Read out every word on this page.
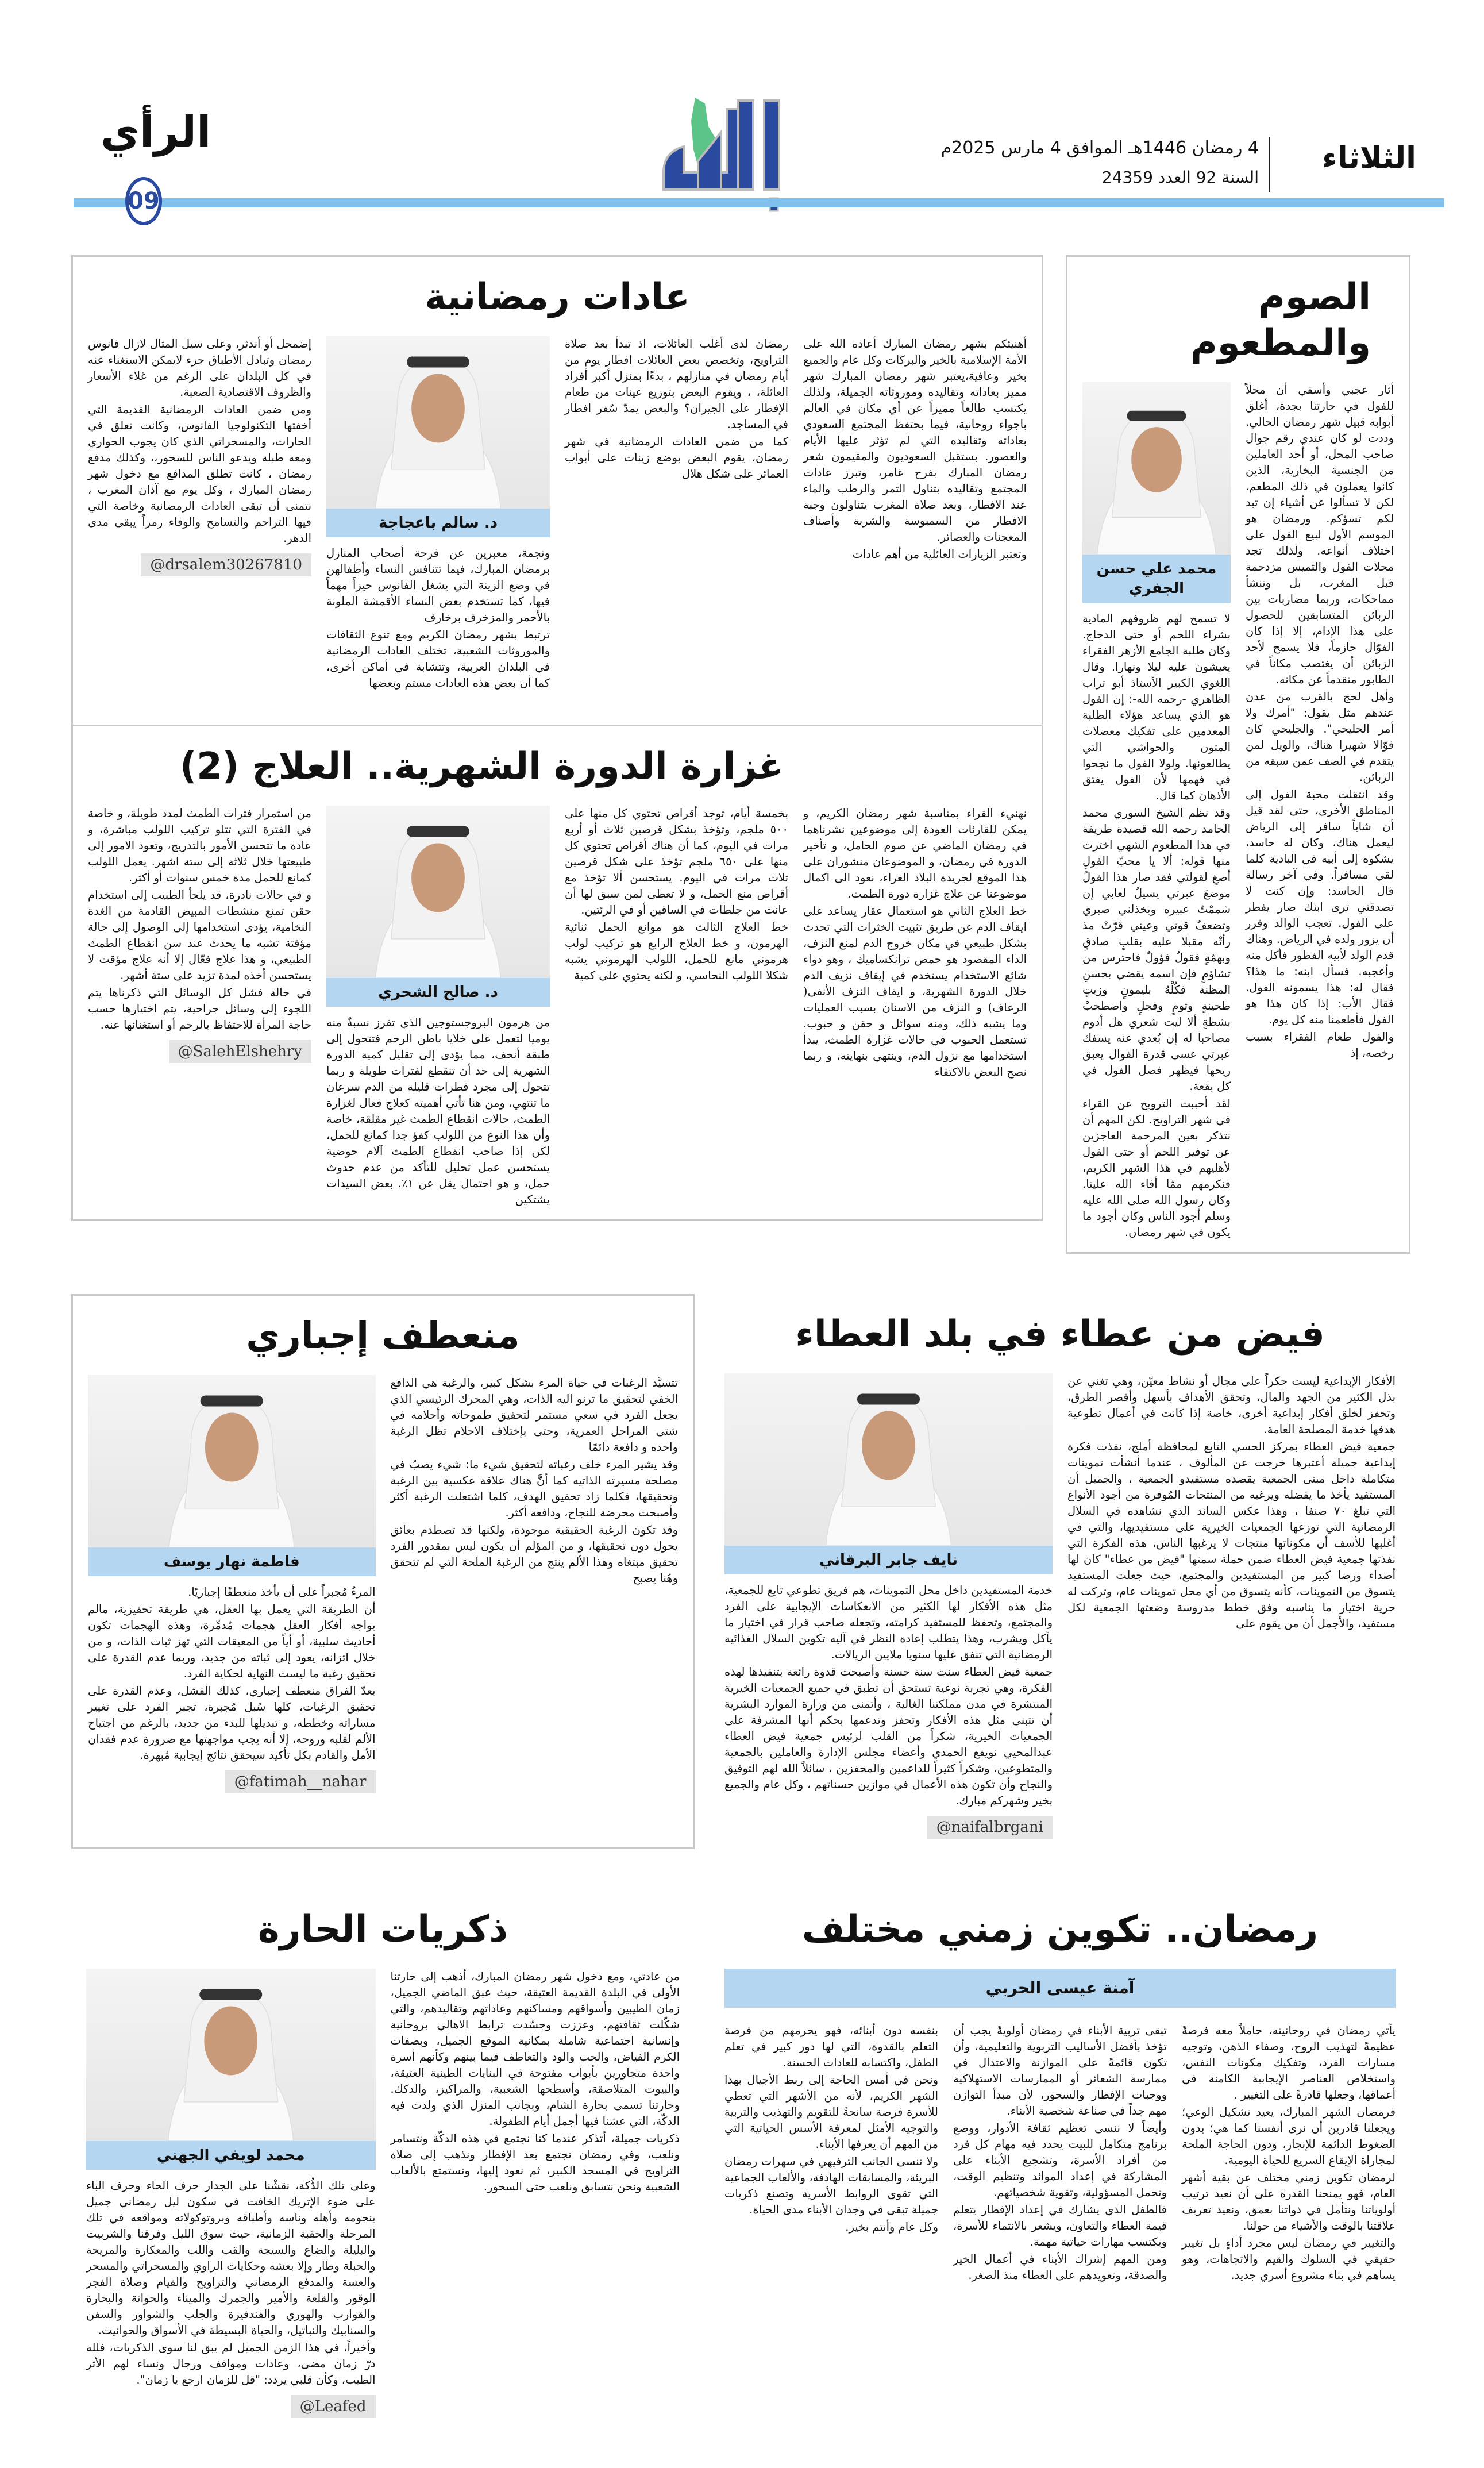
الثلاثاء
4 رمضان 1446هـ الموافق 4 مارس 2025م
السنة 92 العدد 24359
الرأي
09
عادات رمضانية

أهنيئكم بشهر رمضان المبارك أعاده الله على الأمة الإسلامية بالخير والبركات وكل عام والجميع بخير وعافية،يعتبر شهر رمضان المبارك شهر مميز بعاداته وتقاليده وموروثاته الجميلة، ولذلك يكتسب طالعاً مميزاً عن أي مكان في العالم باجواء روحانية، فيما بحتفظ المجتمع السعودي بعاداته وتقاليده التي لم تؤثر عليها الأيام والعصور. بستقبل السعوديون والمقيمون شعر رمضان المبارك بفرح غامر، وتبرز عادات المجتمع وتقاليده بتناول التمر والرطب والماء عند الافطار، وبعد صلاة المغرب يتناولون وجبة الافطار من السمبوسة والشربة وأصناف المعجنات والعصائر.

وتعتبر الزيارات العائلية من أهم عادات

رمضان لدى أغلب العائلات، اذ تبدأ بعد صلاة التراويح، وتخصص بعض العائلات افطار يوم من أيام رمضان في منازلهم ، بدءًا بمنزل أكبر أفراد العائلة، ، ويقوم البعض بتوزيع عينات من طعام الإفطار على الجيران؟ والبعض يمدّ سُفر افطار في المساجد.

كما من ضمن العادات الرمضانية في شهر رمضان، يقوم البعض بوضع زينات على أبواب العمائر على شكل هلال

د. سالم باعجاجة

ونجمة، معبرين عن فرحة أصحاب المنازل برمضان المبارك، فيما تتنافس النساء وأطفالهن في وضع الزينة التي يشغل الفانوس حيزاً مهماً فيها، كما تستخدم بعض النساء الأقمشة الملونة بالأحمر والمزخرف برخارف

ترتبط بشهر رمضان الكريم ومع تنوع الثقافات والموروثات الشعبية، تختلف العادات الرمضانية في البلدان العربية، وتتشابة في أماكن أخرى، كما أن بعض هذه العادات مستم وبعضها

إضمحل أو أندثر، وعلى سيل المثال لازال فانوس رمضان وتبادل الأطباق جزء لايمكن الاستغناء عنه في كل البلدان على الرغم من غلاء الأسعار والظروف الاقتصادية الصعبة.

ومن ضمن العادات الرمضانية القديمة التي أخفتها التكنولوجيا الفانوس، وكانت تعلق في الحارات، والمسحراتي الذي كان يجوب الحواري ومعه طبلة ويدعو الناس للسحور،، وكذلك مدفع رمضان ، كانت تطلق المدافع مع دخول شهر رمضان المبارك ، وكل يوم مع آذان المغرب ، نتمنى أن تبقى العادات الرمضانية وخاصة التي فيها التراحم والتسامح والوفاء رمزاً يبقى مدى الدهر.

@drsalem30267810
غزارة الدورة الشهرية.. العلاج (2)

نهنيء القراء بمناسبة شهر رمضان الكريم، و يمكن للقارئات العودة إلى موضوعين نشرناهما في رمضان الماضي عن صوم الحامل، و تأخير الدورة في رمضان، و الموضوعان منشوران على هذا الموقع لجريدة البلاد الغراء، نعود الى اكمال موضوعنا عن علاج غزارة دورة الطمث.

خط العلاج الثاني هو استعمال عقار يساعد على ايقاف الدم عن طريق تثبيت الخثرات التي تحدث بشكل طبيعي في مكان خروج الدم لمنع النزف، الداء المقصود هو حمض ترانكساميك ، وهو دواء شائع الاستخدام يستخدم في إيقاف نزيف الدم خلال الدورة الشهرية، و ايقاف النزف الأنفى( الرعاف) و النزف من الاسنان بسبب العمليات وما يشبه ذلك، ومنه سوائل و حقن و حبوب. تستعمل الحبوب في حالات غزارة الطمث، يبدأ استخدامها مع نزول الدم، وينتهي بنهايته، و ربما نصح البعض بالاكتفاء

بخمسة أيام، توجد أقراص تحتوي كل منها على ٥٠٠ ملجم، وتؤخذ بشكل قرصين ثلاث أو أربع مرات في اليوم، كما أن هناك أقراص تحتوي كل منها على ٦٥٠ ملجم تؤخذ على شكل قرصين ثلاث مرات في اليوم. يستحسن ألا تؤخذ مع أقراص منع الحمل، و لا تعطى لمن سبق لها أن عانت من جلطات في الساقين أو في الرئتين.

خط العلاج الثالث هو موانع الحمل ثنائية الهرمون، و خط العلاج الرابع هو تركيب لولب هرموني مانع للحمل، اللولب الهرموني يشبه شكلا اللولب النحاسي، و لكنه يحتوي على كمية

د. صالح الشحري

من هرمون البروجستوجين الذي تفرز نسبةٌ منه يوميا لتعمل على خلايا باطن الرحم فتتحول إلى طبقة أنحف، مما يؤدى إلى تقليل كمية الدورة الشهرية إلى حد أن تنقطع لفترات طويلة و ربما تتحول إلى مجرد قطرات قليلة من الدم سرعان ما تنتهي، ومن هنا تأتي أهميته كعلاج فعال لغزارة الطمث، حالات انقطاع الطمث غير مقلقة، خاصة وأن هذا النوع من اللولب كفؤ جدا كمانع للحمل، لكن إذا صاحب انقطاع الطمث آلام حوضية يستحسن عمل تحليل للتأكد من عدم حدوث حمل، و هو احتمال يقل عن ١٪. بعض السيدات يشتكين

من استمرار فترات الطمث لمدد طويلة، و خاصة في الفترة التي تتلو تركيب اللولب مباشرة، و عادة ما تتحسن الأمور بالتدريج، وتعود الامور إلى طبيعتها خلال ثلاثة إلى ستة اشهر. يعمل اللولب كمانع للحمل مدة خمس سنوات أو أكثر.

و في حالات نادرة، قد يلجأ الطبيب إلى استخدام حقن تمنع منشطات المبيض القادمة من الغدة النخامية، يؤدى استخدامها إلى الوصول إلى حالة مؤقتة تشبه ما يحدث عند سن انقطاع الطمث الطبيعي، و هذا علاج فعّال إلا أنه علاج مؤقت لا يستحسن أخذه لمدة تزيد على ستة أشهر.

في حالة فشل كل الوسائل التي ذكرناها يتم اللجوء إلى وسائل جراحية، يتم اختيارها حسب حاجة المرأة للاحتفاظ بالرحم أو استغنائها عنه.

@SalehElshehry
الصوم والمطعوم

أثار عجبي وأسفي أن محلاً للفول في حارتنا بجدة، أغلق أبوابه قبيل شهر رمضان الحالي. وددت لو كان عندي رقم جوال صاحب المحل، أو أحد العاملين من الجنسية البخارية، الذين كانوا يعملون في ذلك المطعم. لكن لا تسألوا عن أشياء إن تبد لكم تسؤكم. ورمضان هو الموسم الأول لبيع الفول على اختلاف أنواعه. ولذلك تجد محلات الفول والتميس مزدحمة قبل المغرب، بل وتنشأ مماحكات، وربما مضاربات بين الزبائن المتسابقين للحصول على هذا الإدام، إلا إذا كان الفوّال حازماً، فلا يسمح لأحد الزبائن أن يغتصب مكاناً في الطابور متقدماً عن مكانه.

وأهل لحج بالقرب من عدن عندهم مثل يقول: "أمرك ولا أمر الجليحي". والجليحي كان فوّالا شهيرا هناك، والويل لمن يتقدم في الصف عمن سبقه من الزبائن.

وقد انتقلت محبة الفول إلى المناطق الأخرى، حتى لقد قيل أن شاباً سافر إلى الرياض ليعمل هناك، وكان له حاسد، يشكوه إلى أبيه في البادية كلما لقي مسافراً. وفي آخر رسالة قال الحاسد: وإن كنت لا تصدقني ترى ابنك صار يفطر على الفول. تعجب الوالد وقرر أن يزور ولده في الرياض. وهناك قدم الولد لأبيه الفطور فأكل منه وأعجبه. فسأل ابنه: ما هذا؟ فقال له: هذا يسمونه الفول. فقال الأب: إذا كان هذا هو الفول فأطعمنا منه كل يوم.

والفول طعام الفقراء بسبب رخصه، إذ

محمد علي حسن الجفري

لا تسمح لهم ظروفهم المادية بشراء اللحم أو حتى الدجاج. وكان طلبة الجامع الأزهر الفقراء يعيشون عليه ليلا ونهارا. وقال اللغوي الكبير الأستاذ أبو تراب الظاهري -رحمه الله-: إن الفول هو الذي يساعد هؤلاء الطلبة المعدمين على تفكيك معضلات المتون والحواشي التي يطالعونها. ولولا الفول ما نجحوا في فهمها لأن الفول يفتق الأذهان كما قال.

وقد نظم الشيخ السوري محمد الحامد رحمه الله قصيدة طريفة في هذا المطعوم الشهي اخترت منها قوله: ألا يا محبّ الفولِ أصغِ لقولتي فقد صار هذا الفولُ موضعَ عبرتي يسيلُ لعابي إن شممْتُ عبيره ويخذلني صبري وتضعفُ قوتي وعيني قرّتْ مذ رأتْه مقبلا عليه بقلبٍ صادقٍ وبهمّةٍ فقولُ فؤولٌ فاحترس من تشاؤمٍ فإن اسمه يقضي بحسنِ المظنة فكُلْهُ بليمونٍ وزيتٍ طحينةٍ وثومٍ وفجلٍ واصطحبْ بشطةٍ ألا ليت شعري هل أدوم مصاحبا له إن بُعدي عنه يسفك عبرتي عسى قدرة الفوال يعبق ريحها فيظهر فضل الفول في كل بقعة.

لقد أحببت الترويح عن القراء في شهر التراويح. لكن المهم أن نتذكر بعين المرحمة العاجزين عن توفير اللحم أو حتى الفول لأهليهم في هذا الشهر الكريم، فنكرمهم ممّا أفاء الله علينا. وكان رسول الله صلى الله عليه وسلم أجود الناس وكان أجود ما يكون في شهر رمضان.

منعطف إجباري

تتسيَّد الرغبات في حياة المرء بشكل كبير، والرغبة هي الدافع الخفي لتحقيق ما ترنو اليه الذات، وهي المحرك الرئيسي الذي يجعل الفرد في سعي مستمر لتحقيق طموحاته وأحلامه في شتى المراحل العمرية، وحتى بإختلاف الاحلام تظل الرغبة واحده و دافعة دائمًا

وقد يشير المرء خلف رغباته لتحقيق شيء ما: شيء يصبّ في مصلحة مسيرته الذاتيه كما أنَّ هناك علاقة عكسية بين الرغبة وتحقيقها، فكلما زاد تحقيق الهدف، كلما اشتعلت الرغبة أكثر وأصبحت محرضة للنجاح، ودافعة أكثر.

وقد تكون الرغبة الحقيقية موجودة، ولكنها قد تصطدم بعائق يحول دون تحقيقها، و من المؤلم أن يكون ليس بمقدور الفرد تحقيق مبتغاه وهذا الألم ينتج من الرغبة الملحة التي لم تتحقق وهُنا يصبح

فاطمة نهار يوسف

المرءُ مُجبراً على أن يأخذ منعطفًا إجباريًا.

أن الطريقة التي يعمل بها العقل، هي طريقة تحفيزية، مالم يواجه أفكار العقل هجمات مُدمِّرة، وهذه الهجمات تكون أحاديث سلبية، أو أياً من المعيقات التي تهز ثبات الذات، و من خلال اتزانه، يعود إلى ثباته من جديد، وربما عدم القدرة على تحقيق رغبة ما ليست النهاية لحكاية الفرد.

يعدّ الفراق منعطف إجباري، كذلك الفشل، وعدم القدرة على تحقيق الرغبات، كلها سُبل مُجبرة، تجبر الفرد على تغيير مساراته وخططه، و تبديلها للبدء من جديد، بالرغم من اجتياح الألم لقلبه وروحه، إلا أنه يجب مواجهتها مع ضرورة عدم فقدان الأمل والقادم بكل تأكيد سيحقق نتائج إيجابية مُبهرة.

@fatimah__nahar
فيض من عطاء في بلد العطاء

الأفكار الإبداعية ليست حكراً على مجال أو نشاط معيّن، وهي تغني عن بذل الكثير من الجهد والمال، وتحقق الأهداف بأسهل وأقصر الطرق، وتحفز لخلق أفكار إبداعية أخرى، خاصة إذا كانت في أعمال تطوعية هدفها خدمة المصلحة العامة.

جمعية فيض العطاء بمركز الحسي التابع لمحافظة أملج، نفذت فكرة إبداعية جميلة أعتبرها خرجت عن المألوف ، عندما أنشأت تموينات متكاملة داخل مبنى الجمعية يقصده مستفيدو الجمعية ، والجميل أن المستفيد يأخذ ما يفضله ويرغبه من المنتجات المُوفرة من أجود الأنواع التي تبلغ ٧٠ صنفا ، وهذا عكس السائد الذي نشاهده في السلال الرمضانية التي توزعها الجمعيات الخيرية على مستفيديها، والتي في أغلبها للأسف أن مكوناتها منتجات لا يرغبها الناس، هذه الفكرة التي نفذتها جمعية فيض العطاء ضمن حملة سمتها "فيض من عطاء" كان لها أصداء ورضا كبير من المستفيدين والمجتمع، حيث جعلت المستفيد يتسوق من التموينات، كأنه يتسوق من أي محل تموينات عام، وتركت له حرية اختيار ما يناسبه وفق خطط مدروسة وضعتها الجمعية لكل مستفيد، والأجمل أن من يقوم على

نايف جابر البرقاني

خدمة المستفيدين داخل محل التموينات، هم فريق تطوعي تابع للجمعية، مثل هذه الأفكار لها الكثير من الانعكاسات الإيجابية على الفرد والمجتمع، وتحفظ للمستفيد كرامته، وتجعله صاحب قرار في اختيار ما يأكل ويشرب، وهذا يتطلب إعادة النظر في آليه تكوين السلال الغذائية الرمضانية التي تنفق عليها سنويا ملايين الريالات.

جمعية فيض العطاء سنت سنة حسنة وأصبحت قدوة رائعة بتنفيذها لهذه الفكرة، وهي تجربة نوعية تستحق أن تطبق في جميع الجمعيات الخيرية المنتشرة في مدن مملكتنا الغالية ، وأتمنى من وزارة الموارد البشرية أن تتبنى مثل هذه الأفكار وتحفز وتدعمها بحكم أنها المشرفة على الجمعيات الخيرية، شكراً من القلب لرئيس جمعية فيض العطاء عبدالمحيي نويفع الحمدي وأعضاء مجلس الإدارة والعاملين بالجمعية والمتطوعين، وشكراً كثيراً للداعمين والمحفزين ، سائلاً الله لهم التوفيق والنجاح وأن تكون هذه الأعمال في موازين حسناتهم ، وكل عام والجميع بخير وشهركم مبارك.

@naifalbrgani
ذكريات الحارة

من عادتي، ومع دخول شهر رمضان المبارك، أذهب إلى حارتنا الأولى في البلدة القديمة العتيقة، حيث عبق الماضي الجميل، زمان الطيبين وأسواقهم ومساكنهم وعاداتهم وتقاليدهم، والتي شكّلت ثقافتهم، وعززت وجسّدت ترابط الاهالي بروحانية وإنسانية اجتماعية شاملة بمكانية الموقع الجميل، وبصفات الكرم الفياض، والحب والود والتعاطف فيما بينهم وكأنهم أسرة واحدة متجاورين بأبواب مفتوحة في البنايات الطينية العتيقة، والبيوت المتلاصقة، وأسطحها الشعبية، والمراكيز، والدكك. وحارتنا تسمى بحارة الشام، وبجانب المنزل الذي ولدت فيه الدكّة، التي عشنا فيها أجمل أيام الطفولة.

ذكريات جميلة، أتذكر عندما كنا نجتمع في هذه الدكّة ونتسامر ونلعب، وفي رمضان نجتمع بعد الإفطار ونذهب إلى صلاة التراويح في المسجد الكبير، ثم نعود إليها، ونستمتع بالألعاب الشعبية ونحن نتسابق ونلعب حتى السحور.

محمد لويفي الجهني

وعلى تلك الدُّكة، نقشْنا على الجدار حرف الحاء وحرف الباء على ضوء الإتريك الخافت في سكون ليل رمضاني جميل بنجومه وأهله وناسه وأطباقه وبروتوكولاته ومواقعه في تلك المرحلة والحقبة الزمانية، حيث سوق الليل وفرقنا والشربيت والبليلة والضاع والسيجة والقب واللب والمعكارة والمريحة والحبلة وطار وإلا بعشه وحكايات الراوي والمسحراتي والمسحر والعسة والمدفع الرمضاني والتراويح والقيام وصلاة الفجر الوقور والقلعة والأمير والجمرك والميناء والحوانة والبحارة والقوارب والهوري والفندفيرة والجلب والشواور والسفن والسنابيك والنباتيل، والحياة البسيطة في الأسواق والحوانيت.

وأخيراً، في هذا الزمن الجميل لم يبق لنا سوى الذكريات، فلله درّ زمان مضى، وعادات ومواقف ورجال ونساء لهم الأثر الطيب، وكأن قلبي يردد: "قل للزمان ارجع يا زمان".

@Leafed
رمضان.. تكوين زمني مختلف
آمنة عيسى الحربي

يأتي رمضان في روحانيته، حاملاً معه فرصةً عظيمةً لتهذيب الروح، وصفاء الذهن، وتوجيه مسارات الفرد، وتفكيك مكونات النفس، واستخلاص العناصر الإيجابية الكامنة في أعماقها، وجعلها قادرةً على التغيير .

فرمضان الشهر المبارك، يعيد تشكيل الوعي؛ ويجعلنا قادرين أن نرى أنفسنا كما هي؛ بدون الضغوط الدائمة للإنجاز، ودون الحاجة الملحة لمجاراة الإيقاع السريع للحياة اليومية.

لرمضان تكوين زمني مختلف عن بقية أشهر العام، فهو يمنحنا القدرة على أن نعيد ترتيب أولوياتنا ونتأمل في ذواتنا بعمق، ونعيد تعريف علاقتنا بالوقت والأشياء من حولنا.

والتغيير في رمضان ليس مجرد أداءٍ بل تغيير حقيقي في السلوك والقيم والاتجاهات، وهو يساهم في بناء مشروع أسري جديد.

تبقى تربية الأبناء في رمضان أولويةً يجب أن تؤخذ بأفضل الأساليب التربوية والتعليمية، وأن تكون قائمةً على الموازنة والاعتدال في ممارسة الشعائر أو الممارسات الاستهلاكية ووجبات الإفطار والسحور، لأن مبدأ التوازن مهم جداً في صناعة شخصية الأبناء.

وأيضاً لا ننسى تعظيم ثقافة الأدوار، ووضع برنامج متكامل للبيت يحدد فيه مهام كل فرد من أفراد الأسرة، وتشجيع الأبناء على المشاركة في إعداد الموائد وتنظيم الوقت، وتحمل المسؤولية، وتقوية شخصياتهم.

فالطفل الذي يشارك في إعداد الإفطار يتعلم قيمة العطاء والتعاون، ويشعر بالانتماء للأسرة، ويكتسب مهارات حياتية مهمة.

ومن المهم إشراك الأبناء في أعمال الخير والصدقة، وتعويدهم على العطاء منذ الصغر.

بنفسه دون أبنائه، فهو يحرمهم من فرصة التعلم بالقدوة، التي لها دور كبير في تعلم الطفل، واكتسابه للعادات الحسنة.

ونحن في أمس الحاجة إلى ربط الأجيال بهذا الشهر الكريم، لأنه من الأشهر التي تعطي للأسرة فرصة سانحةً للتقويم والتهذيب والتربية والتوجيه الأمثل لمعرفة الأسس الحياتية التي من المهم أن يعرفها الأبناء.

ولا ننسى الجانب الترفيهي في سهرات رمضان البريئة، والمسابقات الهادفة، والألعاب الجماعية التي تقوي الروابط الأسرية وتصنع ذكريات جميلة تبقى في وجدان الأبناء مدى الحياة.

وكل عام وأنتم بخير.
